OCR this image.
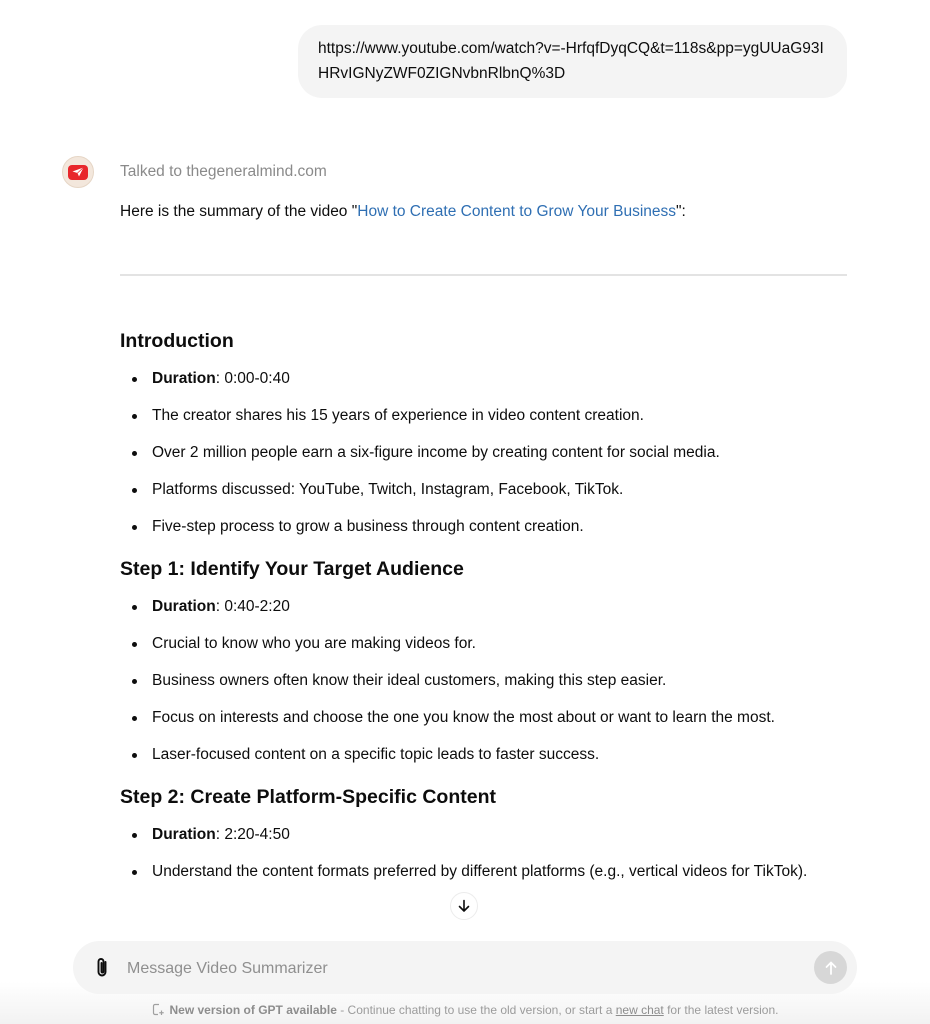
https://www.youtube.com/watch?v=-HrfqfDyqCQ&t=118s&pp=ygUUaG93IHRvIGNyZWF0ZIGNvbnRlbnQ%3D
Talked to thegeneralmind.com
Here is the summary of the video "How to Create Content to Grow Your Business":
Introduction
Duration: 0:00-0:40
The creator shares his 15 years of experience in video content creation.
Over 2 million people earn a six-figure income by creating content for social media.
Platforms discussed: YouTube, Twitch, Instagram, Facebook, TikTok.
Five-step process to grow a business through content creation.
Step 1: Identify Your Target Audience
Duration: 0:40-2:20
Crucial to know who you are making videos for.
Business owners often know their ideal customers, making this step easier.
Focus on interests and choose the one you know the most about or want to learn the most.
Laser-focused content on a specific topic leads to faster success.
Step 2: Create Platform-Specific Content
Duration: 2:20-4:50
Understand the content formats preferred by different platforms (e.g., vertical videos for TikTok).
Message Video Summarizer
New version of GPT available - Continue chatting to use the old version, or start a new chat for the latest version.
